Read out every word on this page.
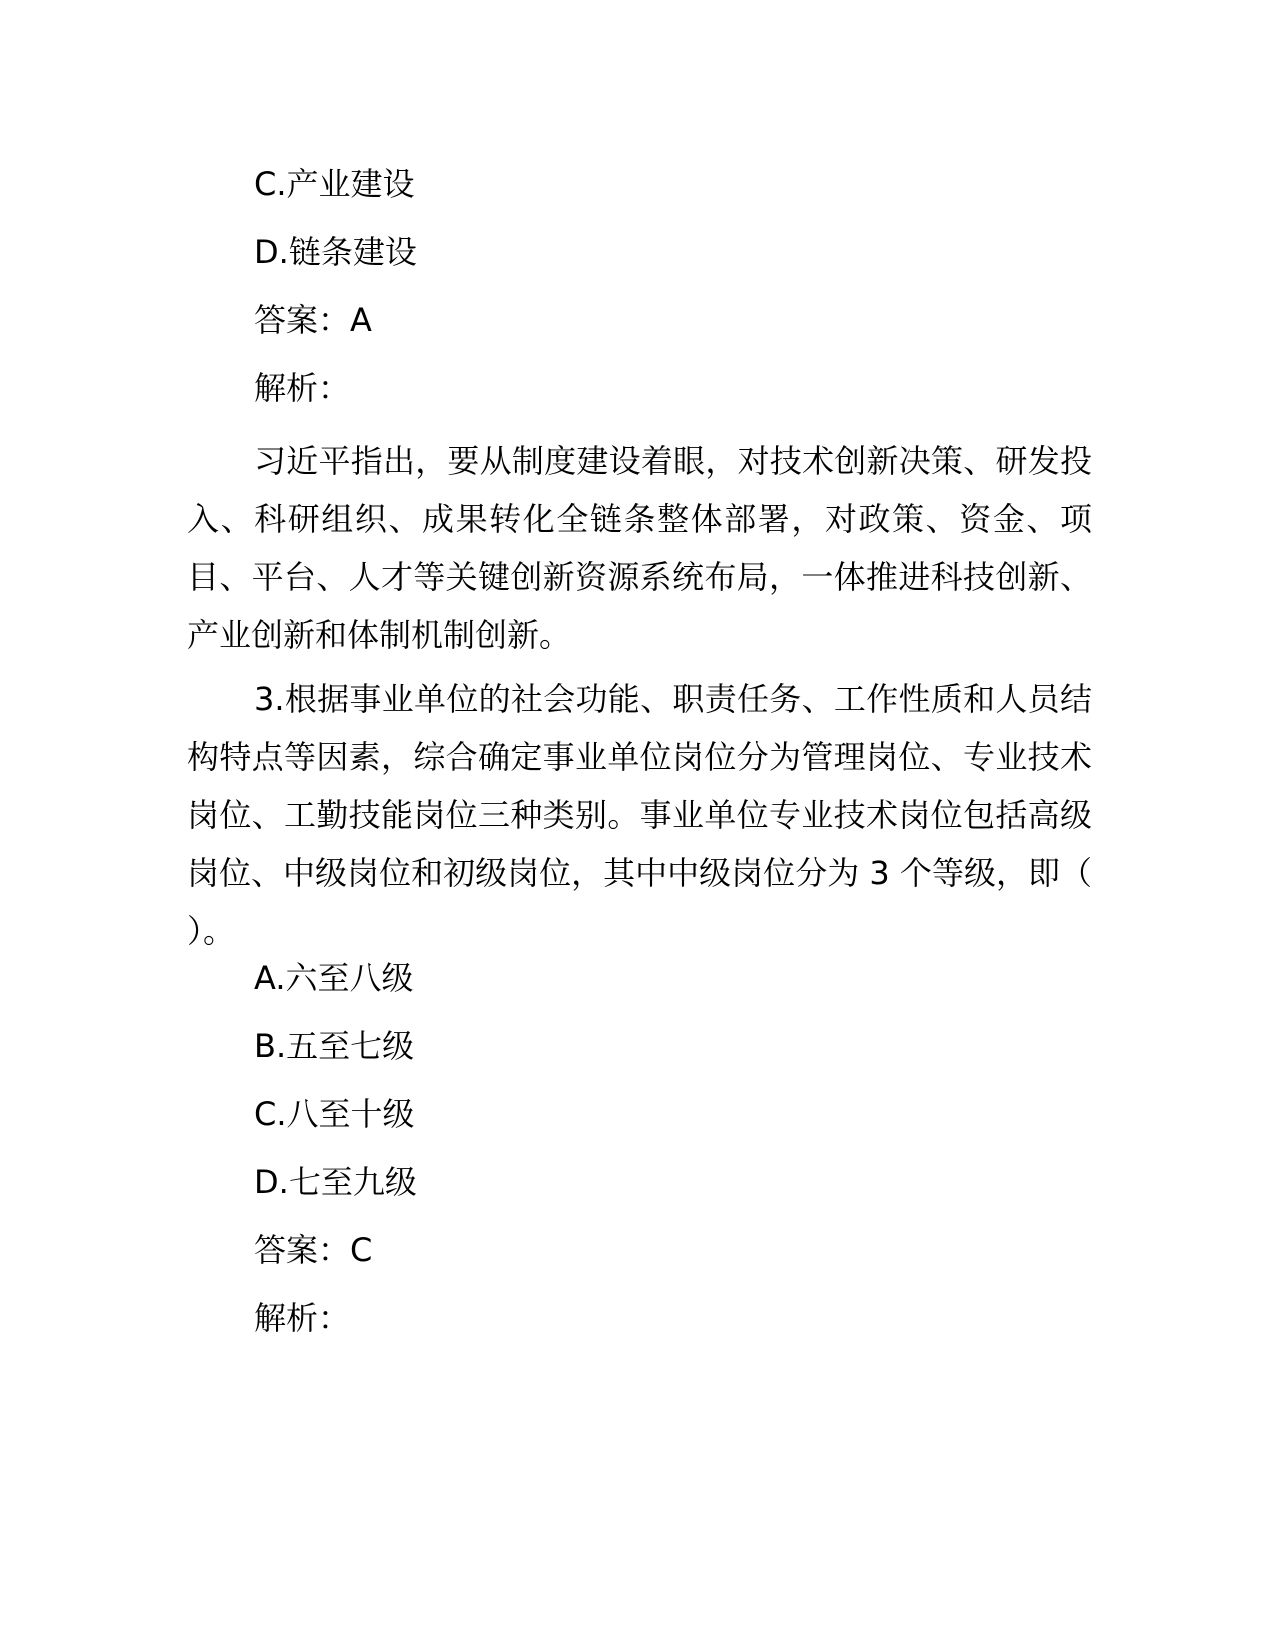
C.产业建设
D.链条建设
答案：A
解析：
习近平指出，要从制度建设着眼，对技术创新决策、研发投入、科研组织、成果转化全链条整体部署，对政策、资金、项目、平台、人才等关键创新资源系统布局，一体推进科技创新、产业创新和体制机制创新。
3.根据事业单位的社会功能、职责任务、工作性质和人员结构特点等因素，综合确定事业单位岗位分为管理岗位、专业技术岗位、工勤技能岗位三种类别。事业单位专业技术岗位包括高级岗位、中级岗位和初级岗位，其中中级岗位分为 3 个等级，即（ ）。
A.六至八级
B.五至七级
C.八至十级
D.七至九级
答案：C
解析：
